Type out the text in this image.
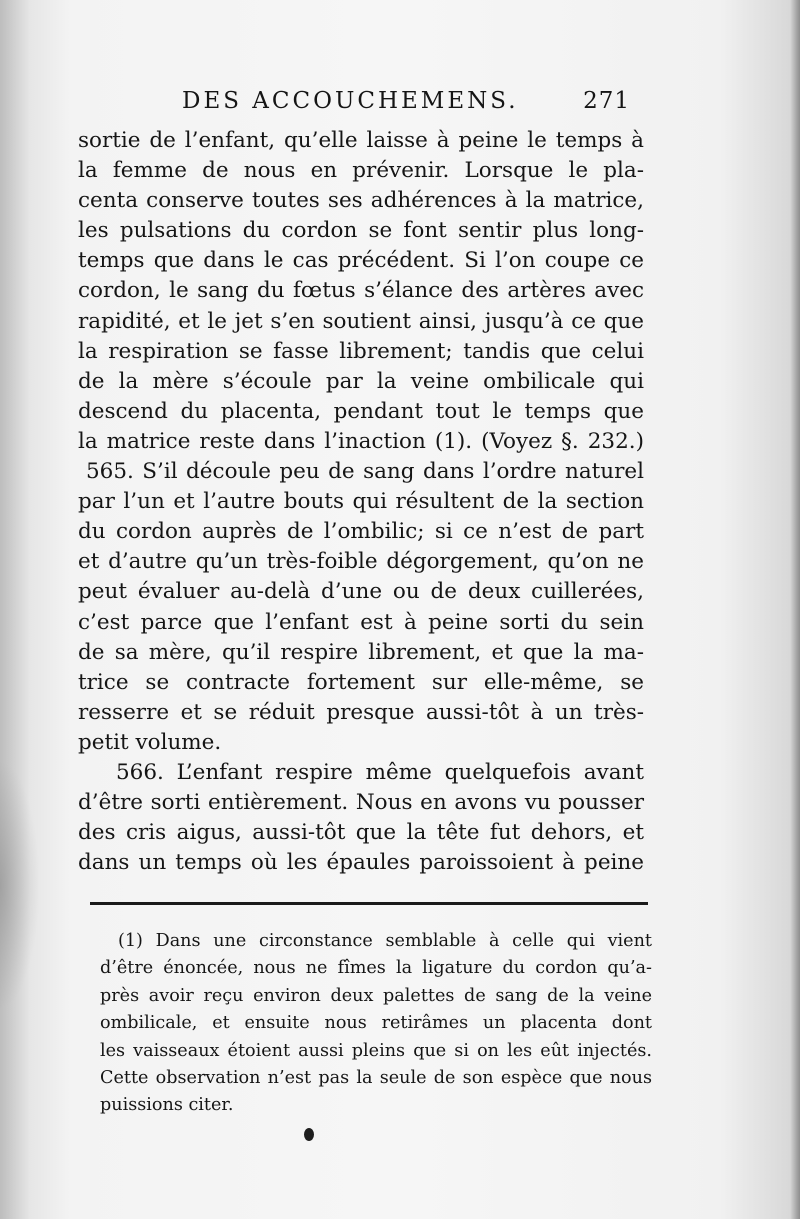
DES ACCOUCHEMENS.	271
sortie de l’enfant, qu’elle laisse à peine le temps à
la femme de nous en prévenir. Lorsque le pla-
centa conserve toutes ses adhérences à la matrice,
les pulsations du cordon se font sentir plus long-
temps que dans le cas précédent. Si l’on coupe ce
cordon, le sang du fœtus s’élance des artères avec
rapidité, et le jet s’en soutient ainsi, jusqu’à ce que
la respiration se fasse librement; tandis que celui
de la mère s’écoule par la veine ombilicale qui
descend du placenta, pendant tout le temps que
la matrice reste dans l’inaction (1). (Voyez §. 232.)
565. S’il découle peu de sang dans l’ordre naturel
par l’un et l’autre bouts qui résultent de la section
du cordon auprès de l’ombilic; si ce n’est de part
et d’autre qu’un très-foible dégorgement, qu’on ne
peut évaluer au-delà d’une ou de deux cuillerées,
c’est parce que l’enfant est à peine sorti du sein
de sa mère, qu’il respire librement, et que la ma-
trice se contracte fortement sur elle-même, se
resserre et se réduit presque aussi-tôt à un très-
petit volume.
566. L’enfant respire même quelquefois avant
d’être sorti entièrement. Nous en avons vu pousser
des cris aigus, aussi-tôt que la tête fut dehors, et
dans un temps où les épaules paroissoient à peine
(1) Dans une circonstance semblable à celle qui vient
d’être énoncée, nous ne fîmes la ligature du cordon qu’a-
près avoir reçu environ deux palettes de sang de la veine
ombilicale, et ensuite nous retirâmes un placenta dont
les vaisseaux étoient aussi pleins que si on les eût injectés.
Cette observation n’est pas la seule de son espèce que nous
puissions citer.
